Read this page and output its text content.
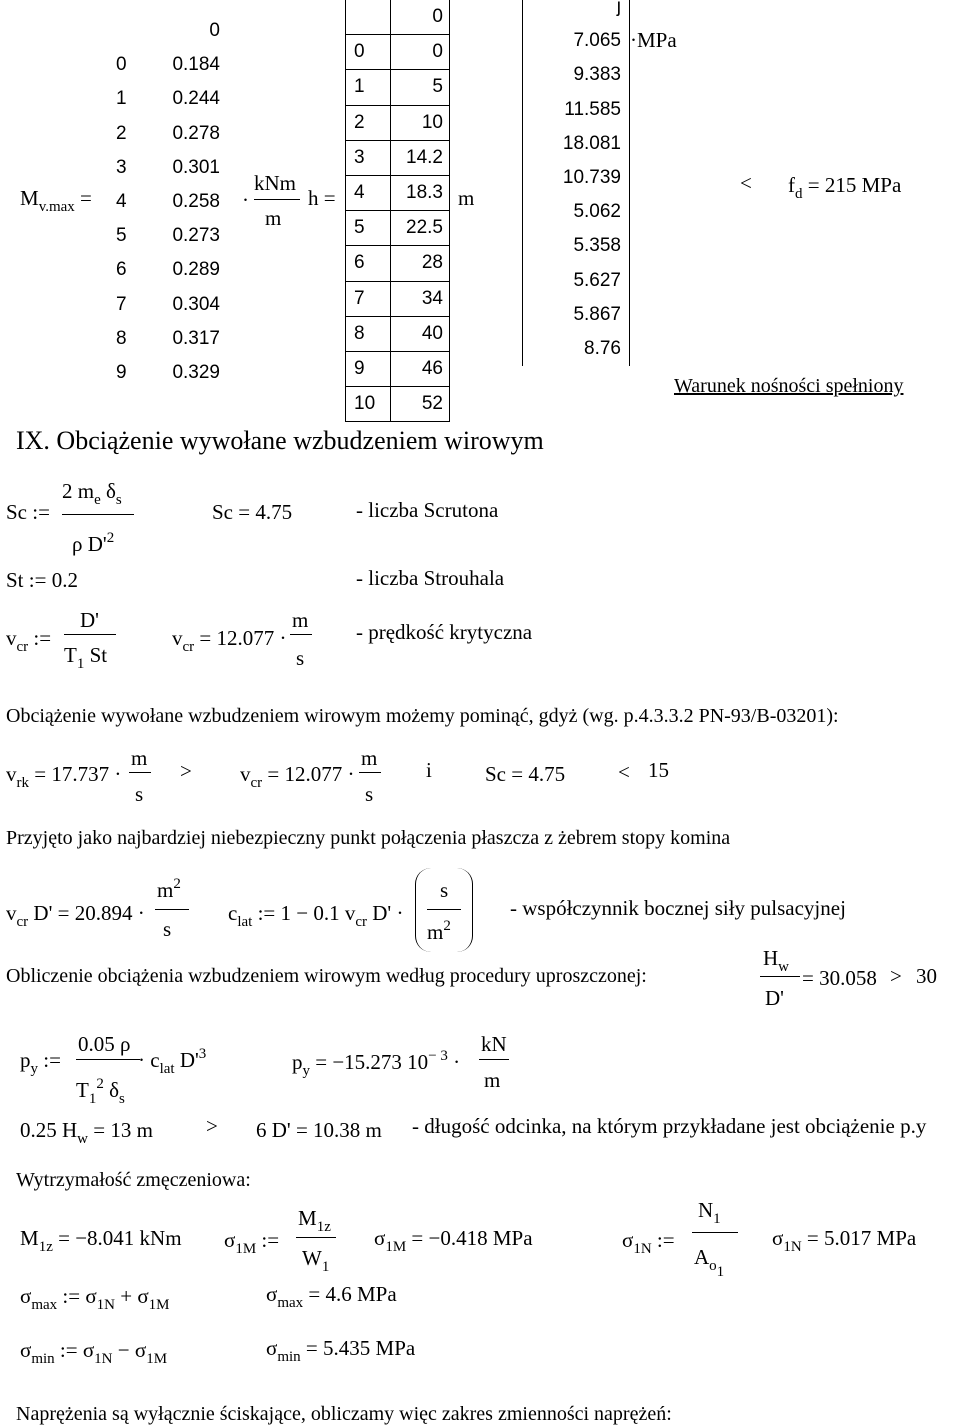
$M_{v.max}$ =
	0
0	0.184
1	0.244
2	0.278
3	0.301
4	0.258
5	0.273
6	0.289
7	0.304
8	0.317
9	0.329
kNm
m
·	h =
	0
0	0
1	5
2	10
3	14.2
4	18.3
5	22.5
6	28
7	34
8	40
9	46
10	52
m
j
7.065
9.383
11.585
18.081
10.739
5.062
5.358
5.627
5.867
8.76
·MPa
< $f_d = 215$ MPa
Warunek nośności spełniony
IX. Obciążenie wywołane wzbudzeniem wirowym
Sc :=
2 $m_e$ $\delta_s$
ρ $D'^2$
Sc = 4.75	- liczba Scrutona
St := 0.2	- liczba Strouhala
$v_{cr}$ :=
D'
$T_1$ St
$v_{cr} = 12.077$ ·
m
s
- prędkość krytyczna
Obciążenie wywołane wzbudzeniem wirowym możemy pominąć, gdyż (wg. p.4.3.3.2 PN-93/B-03201):
$v_{rk} = 17.737$ ·
m
s
> $v_{cr} = 12.077$ ·
m
s
i	Sc = 4.75	< 15
Przyjęto jako najbardziej niebezpieczny punkt połączenia płaszcza z żebrem stopy komina
$v_{cr}$ D' = 20.894 ·
$m^2$
s
$c_{lat}$ := 1 − 0.1 $v_{cr}$ D' ·
s
$m^2$
- współczynnik bocznej siły pulsacyjnej
Obliczenie obciążenia wzbudzeniem wirowym według procedury uproszczonej:
$H_w$
D'
= 30.058 > 30
$p_y$ :=
0.05 ρ
$T_1^2$ $\delta_s$
· $c_{lat}$ $D'^3$	$p_y = -15.273$ $10^{- 3}$ ·
kN
m
0.25 $H_w = 13$ m	> 6 D' = 10.38 m - długość odcinka, na którym przykładane jest obciążenie p.y
Wytrzymałość zmęczeniowa:
$M_{1z} = -8.041$ kNm $\sigma_{1M}$ :=
$M_{1z}$
$W_1$
$\sigma_{1M} = -0.418$ MPa	$\sigma_{1N}$ :=
$N_1$
$A_{o1}$
$\sigma_{1N} = 5.017$ MPa
$\sigma_{max}$ := $\sigma_{1N} + \sigma_{1M}$	$\sigma_{max} = 4.6$ MPa
$\sigma_{min}$ := $\sigma_{1N} - \sigma_{1M}$	$\sigma_{min} = 5.435$ MPa
Naprężenia są wyłącznie ściskające, obliczamy więc zakres zmienności naprężeń:
